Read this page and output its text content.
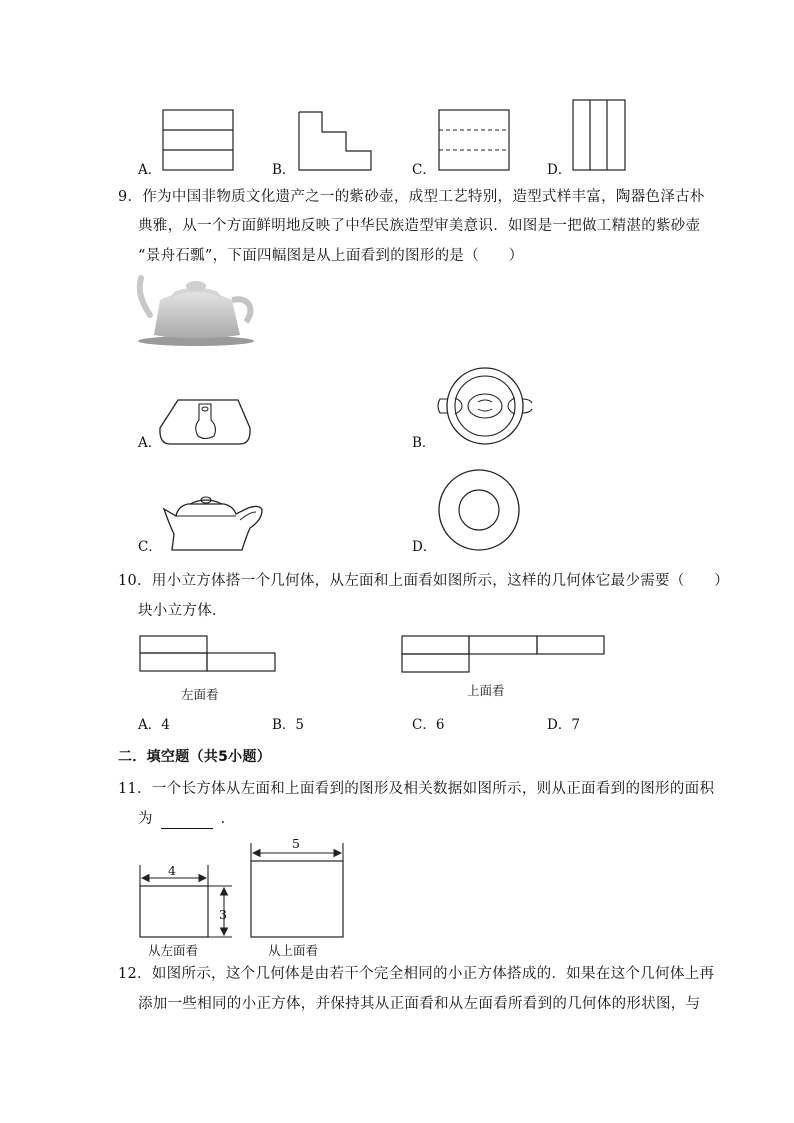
A．	B．	C．	D．
9．作为中国非物质文化遗产之一的紫砂壶，成型工艺特别，造型式样丰富，陶器色泽古朴
典雅，从一个方面鲜明地反映了中华民族造型审美意识．如图是一把做工精湛的紫砂壶
“景舟石瓢”，下面四幅图是从上面看到的图形的是（　　）
A．	B．
C．	D．
10．用小立方体搭一个几何体，从左面和上面看如图所示，这样的几何体它最少需要（　　）
块小立方体．
左面看	上面看
A．4	B．5	C．6	D．7
二．填空题（共5小题）
11．一个长方体从左面和上面看到的图形及相关数据如图所示，则从正面看到的图形的面积
为	．
4
3
从左面看
5
从上面看
12．如图所示，这个几何体是由若干个完全相同的小正方体搭成的．如果在这个几何体上再
添加一些相同的小正方体，并保持其从正面看和从左面看所看到的几何体的形状图，与
